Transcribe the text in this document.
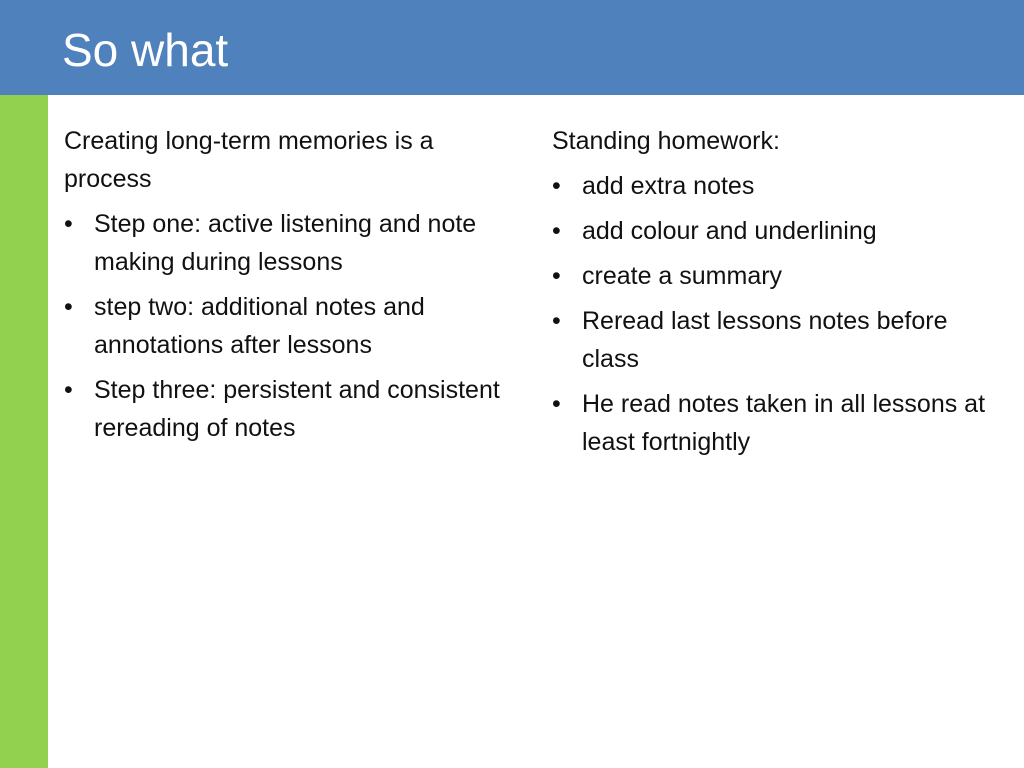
So what

Creating long-term memories is a process

• Step one: active listening and note making during lessons
• step two: additional notes and annotations after lessons
• Step three: persistent and consistent rereading of notes

Standing homework:

• add extra notes
• add colour and underlining
• create a summary
• Reread last lessons notes before class
• He read notes taken in all lessons at least fortnightly
